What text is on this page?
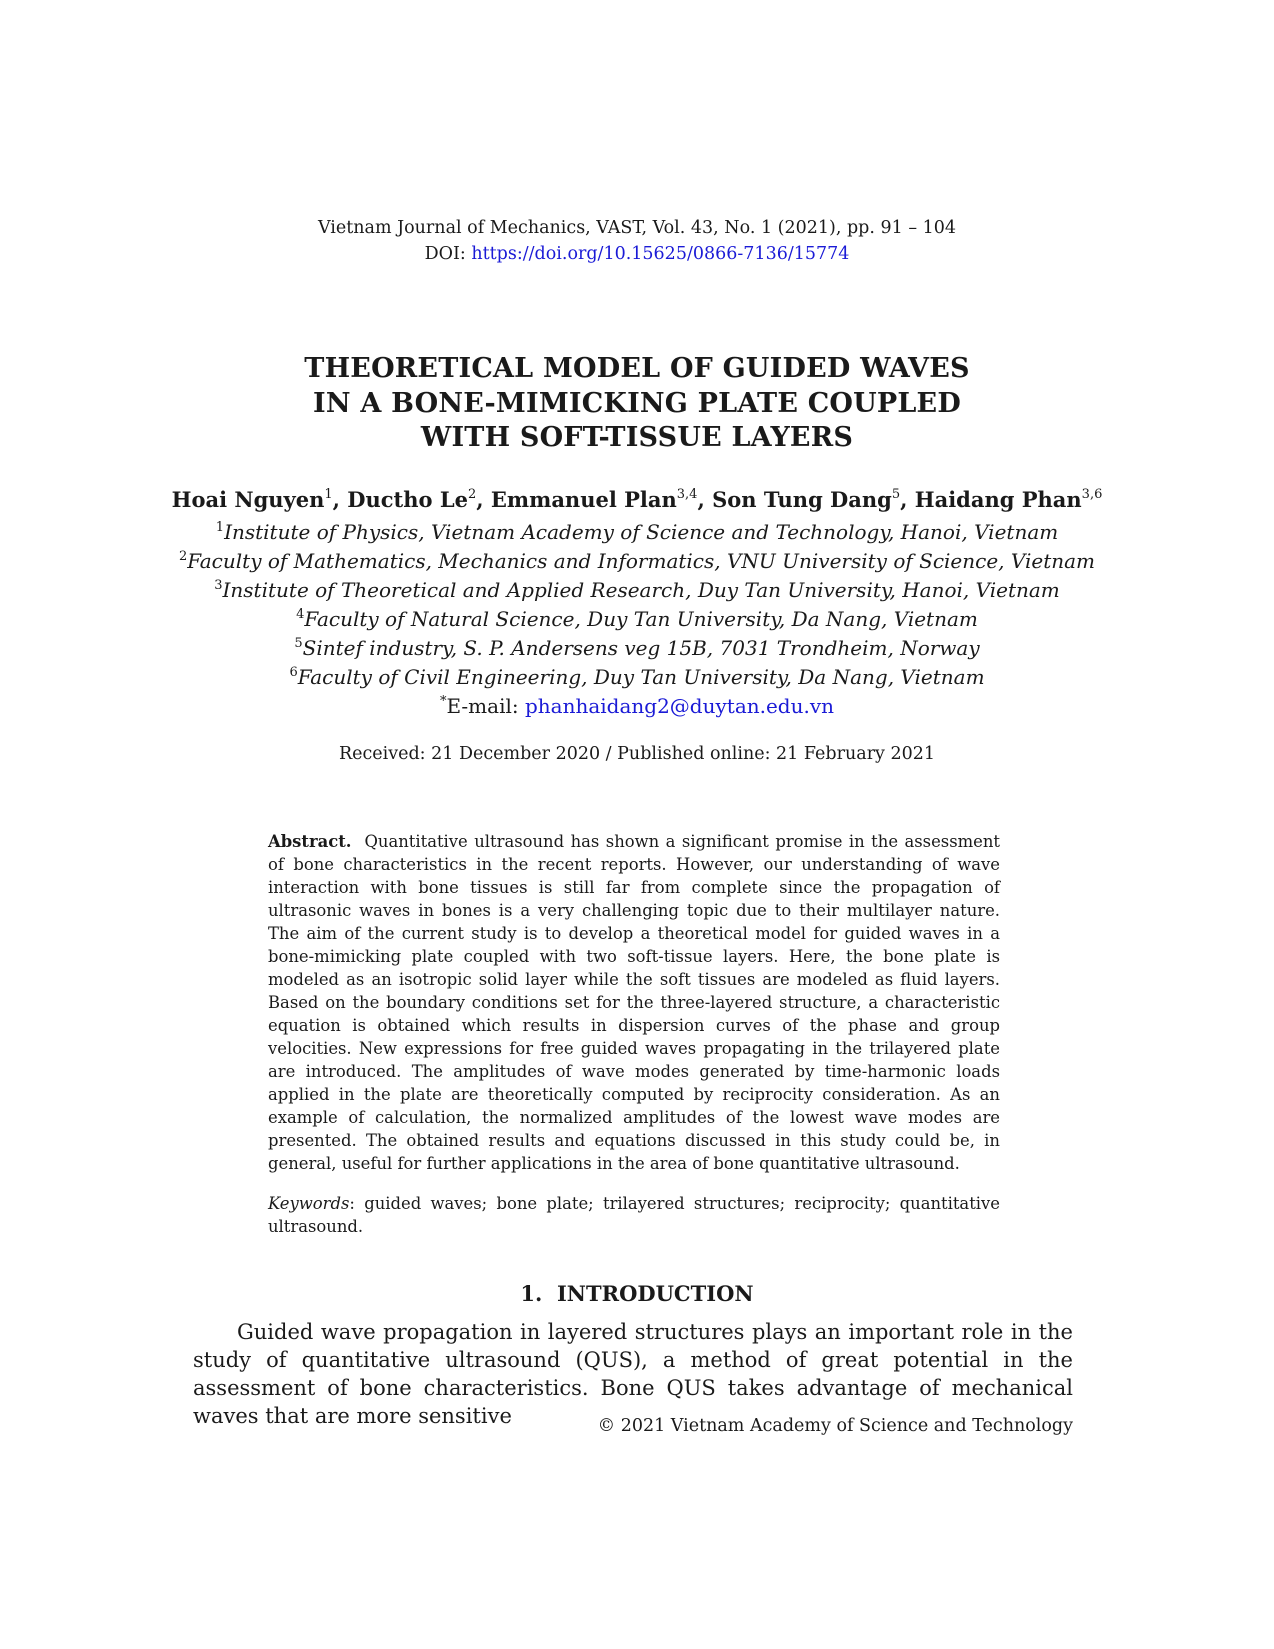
Vietnam Journal of Mechanics, VAST, Vol. 43, No. 1 (2021), pp. 91 – 104
DOI: https://doi.org/10.15625/0866-7136/15774
THEORETICAL MODEL OF GUIDED WAVES
IN A BONE-MIMICKING PLATE COUPLED
WITH SOFT-TISSUE LAYERS
Hoai Nguyen$^1$, Ductho Le$^2$, Emmanuel Plan$^{3,4}$, Son Tung Dang$^5$, Haidang Phan$^{3,6}$
$^1$Institute of Physics, Vietnam Academy of Science and Technology, Hanoi, Vietnam
$^2$Faculty of Mathematics, Mechanics and Informatics, VNU University of Science, Vietnam
$^3$Institute of Theoretical and Applied Research, Duy Tan University, Hanoi, Vietnam
$^4$Faculty of Natural Science, Duy Tan University, Da Nang, Vietnam
$^5$Sintef industry, S. P. Andersens veg 15B, 7031 Trondheim, Norway
$^6$Faculty of Civil Engineering, Duy Tan University, Da Nang, Vietnam
*E-mail: phanhaidang2@duytan.edu.vn
Received: 21 December 2020 / Published online: 21 February 2021
Abstract. Quantitative ultrasound has shown a significant promise in the assessment of bone characteristics in the recent reports. However, our understanding of wave interaction with bone tissues is still far from complete since the propagation of ultrasonic waves in bones is a very challenging topic due to their multilayer nature. The aim of the current study is to develop a theoretical model for guided waves in a bone-mimicking plate coupled with two soft-tissue layers. Here, the bone plate is modeled as an isotropic solid layer while the soft tissues are modeled as fluid layers. Based on the boundary conditions set for the three-layered structure, a characteristic equation is obtained which results in dispersion curves of the phase and group velocities. New expressions for free guided waves propagating in the trilayered plate are introduced. The amplitudes of wave modes generated by time-harmonic loads applied in the plate are theoretically computed by reciprocity consideration. As an example of calculation, the normalized amplitudes of the lowest wave modes are presented. The obtained results and equations discussed in this study could be, in general, useful for further applications in the area of bone quantitative ultrasound.
Keywords: guided waves; bone plate; trilayered structures; reciprocity; quantitative ultrasound.
1. INTRODUCTION

Guided wave propagation in layered structures plays an important role in the study of quantitative ultrasound (QUS), a method of great potential in the assessment of bone characteristics. Bone QUS takes advantage of mechanical waves that are more sensitive	© 2021 Vietnam Academy of Science and Technology
